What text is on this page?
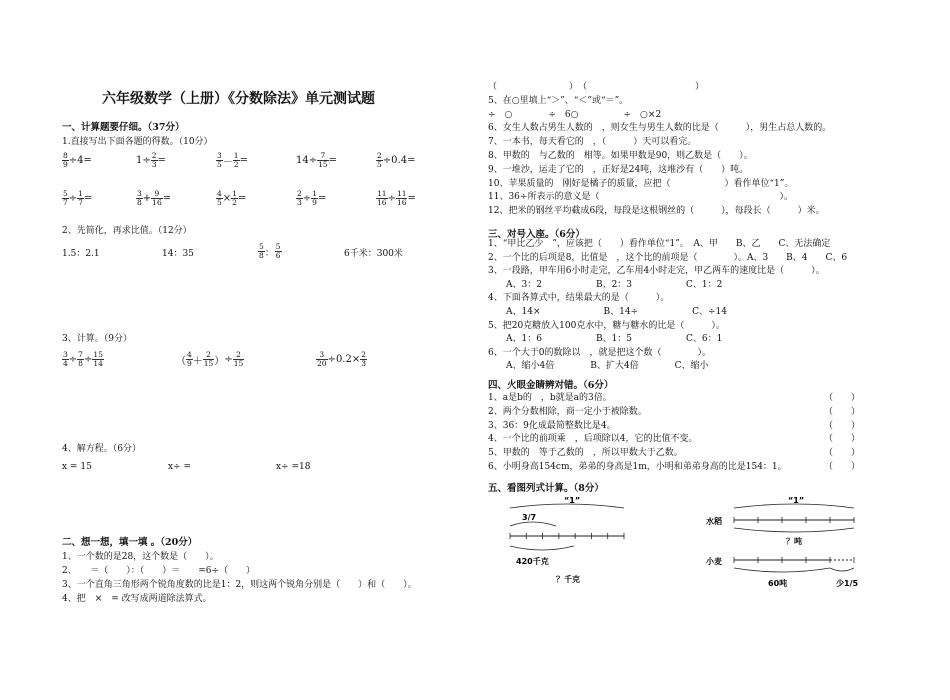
六年级数学（上册）《分数除法》单元测试题
一、计算题要仔细。（37分）
1.直接写出下面各题的得数。（10分）
$\frac{8}{9} \div 4=$	$1\div \frac{2}{3}$ =	$\frac{3}{5} - \frac{1}{2}$ =	$14\div \frac{7}{15}$ =	$\frac{2}{5} \div 0.4=$
$\frac{5}{7} \div \frac{1}{7}$ =	$\frac{3}{8} + \frac{9}{16}$ =	$\frac{4}{5} \times \frac{1}{2}$ =	$\frac{2}{3} \div \frac{1}{9}$ =	$\frac{11}{16} \div \frac{11}{16}$ =
2、先简化，再求比值。（12分）
1.5：2.1	14：35	$\frac{5}{8}$ ： $\frac{5}{6}$	6千米：300米
3、计算。（9分）
$\frac{3}{4} \div \frac{7}{8} \div \frac{15}{14}$	（ $\frac{4}{9} + \frac{2}{15}$ ）÷ $\frac{2}{15}$	$\frac{3}{20} \div 0.2\times \frac{2}{3}$
4、解方程。（6分）
x = 15	x÷ =	x÷ =18
二、想一想，填一填 。（20分）
1、一个数的是28，这个数是（　　）。
2、　　＝（　　）：（　　）＝　　=6÷（　　）
3、一个直角三角形两个锐角度数的比是1：2，则这两个锐角分别是（　　）和（　　）。
4、把　×　= 改写成两道除法算式。
（　　　　　　　　）　（　　　　　　　　　　　　）
5、在○里填上“＞”、“＜”或“＝”。
÷　○　　　　÷　6○　　　　　÷　○×2
6、女生人数占男生人数的　，则女生与男生人数的比是（　　　），男生占总人数的。
7、一本书，每天看它的　，（　　　）天可以看完。
8、甲数的　与乙数的　相等。如果甲数是90，则乙数是（　　）。
9、一堆沙，运走了它的　，正好是24吨，这堆沙有（　　）吨。
10、苹果质量的　刚好是橘子的质量，应把（　　　　　　）看作单位“1”。
11、36÷所表示的意义是（　　　　　　　　　　　　　　　　　　　　）。
12、把米的钢丝平均截成6段，每段是这根钢丝的（　　　），每段长（　　　）米。
三、对号入座。（6分）
1、“甲比乙少　”，应该把（　　）看作单位“1”。　A、甲　　B、乙　　C、无法确定
2、一个比的后项是8，比值是　，这个比的前项是（　　　　）。A、3　　B、4　　C、6
3、一段路，甲车用6小时走完，乙车用4小时走完，甲乙两车的速度比是（　　　）。
　　A、3：2　　　　　　B、2：3　　　　　　C、1：2
4、下面各算式中，结果最大的是（　　　）。
　　A、14×　　　　　　　B、14÷　　　　　　C、÷14
5、把20克糖放入100克水中，糖与糖水的比是（　　　）。
　　A、1：6　　　　　　B、1：5　　　　　　C、6：1
6、一个大于0的数除以　，就是把这个数（　　　　）。
　　A、缩小4倍　　　　B、扩大4倍　　　　C、缩小
四、火眼金睛辨对错。（6分）
1、a是b的　，b就是a的3倍。	（　　）
2、两个分数相除，商一定小于被除数。	（　　）
3、36：9化成最简整数比是4。	（　　）
4、一个比的前项乘　，后项除以4，它的比值不变。	（　　）
5、甲数的　等于乙数的　，所以甲数大于乙数。	（　　）
6、小明身高154cm，弟弟的身高是1m，小明和弟弟身高的比是154：1。	（　　）
五、看图列式计算。（8分）
“1”
3/7
420千克
？千克
“1”
水稻
？吨
小麦
60吨	少1/5
